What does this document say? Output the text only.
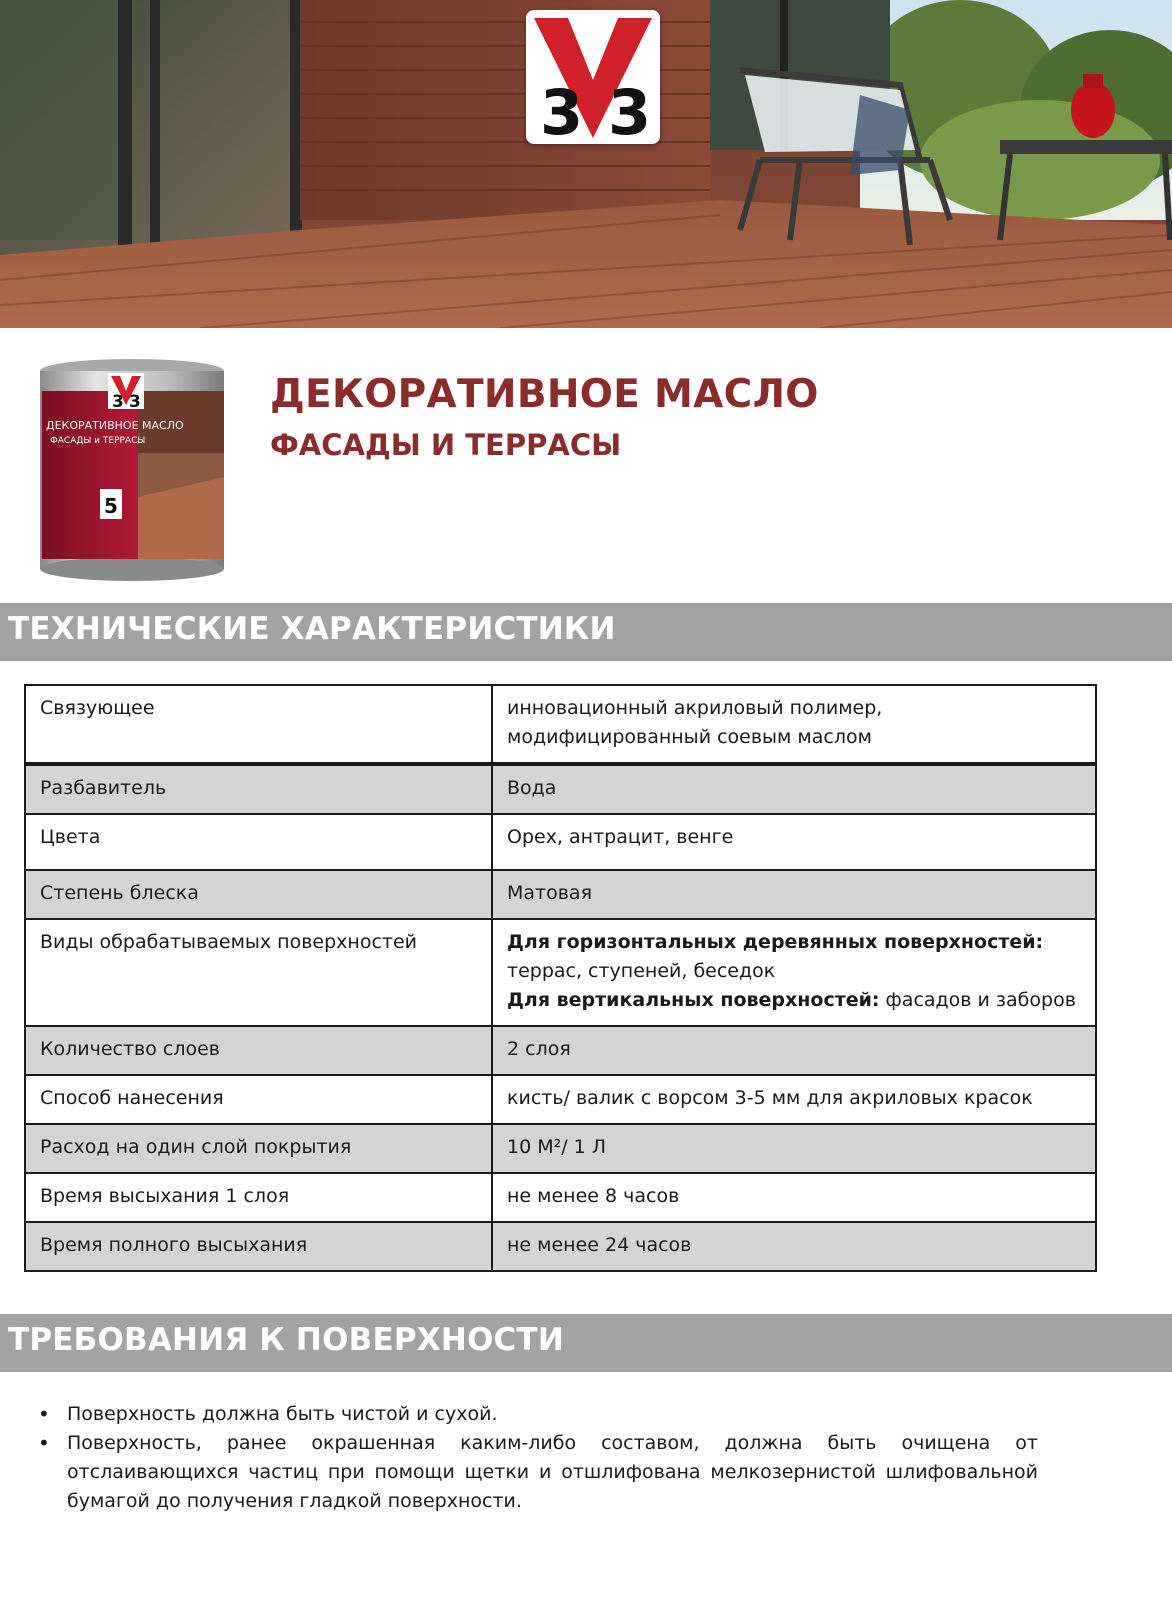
3 3
3 3
ДЕКОРАТИВНОЕ МАСЛО
ФАСАДЫ и ТЕРРАСЫ
5
ДЕКОРАТИВНОЕ МАСЛО
ФАСАДЫ И ТЕРРАСЫ
ТЕХНИЧЕСКИЕ ХАРАКТЕРИСТИКИ
Связующее	инновационный акриловый полимер,
модифицированный соевым маслом
Разбавитель	Вода
Цвета	Орех, антрацит, венге
Степень блеска	Матовая
Виды обрабатываемых поверхностей	Для горизонтальных деревянных поверхностей:
террас, ступеней, беседок
Для вертикальных поверхностей: фасадов и заборов
Количество слоев	2 слоя
Способ нанесения	кисть/ валик с ворсом 3-5 мм для акриловых красок
Расход на один слой покрытия	10 М²/ 1 Л
Время высыхания 1 слоя	не менее 8 часов
Время полного высыхания	не менее 24 часов
ТРЕБОВАНИЯ К ПОВЕРХНОСТИ
• Поверхность должна быть чистой и сухой.
• Поверхность, ранее окрашенная каким-либо составом, должна быть очищена от отслаивающихся частиц при помощи щетки и отшлифована мелкозернистой шлифовальной бумагой до получения гладкой поверхности.
